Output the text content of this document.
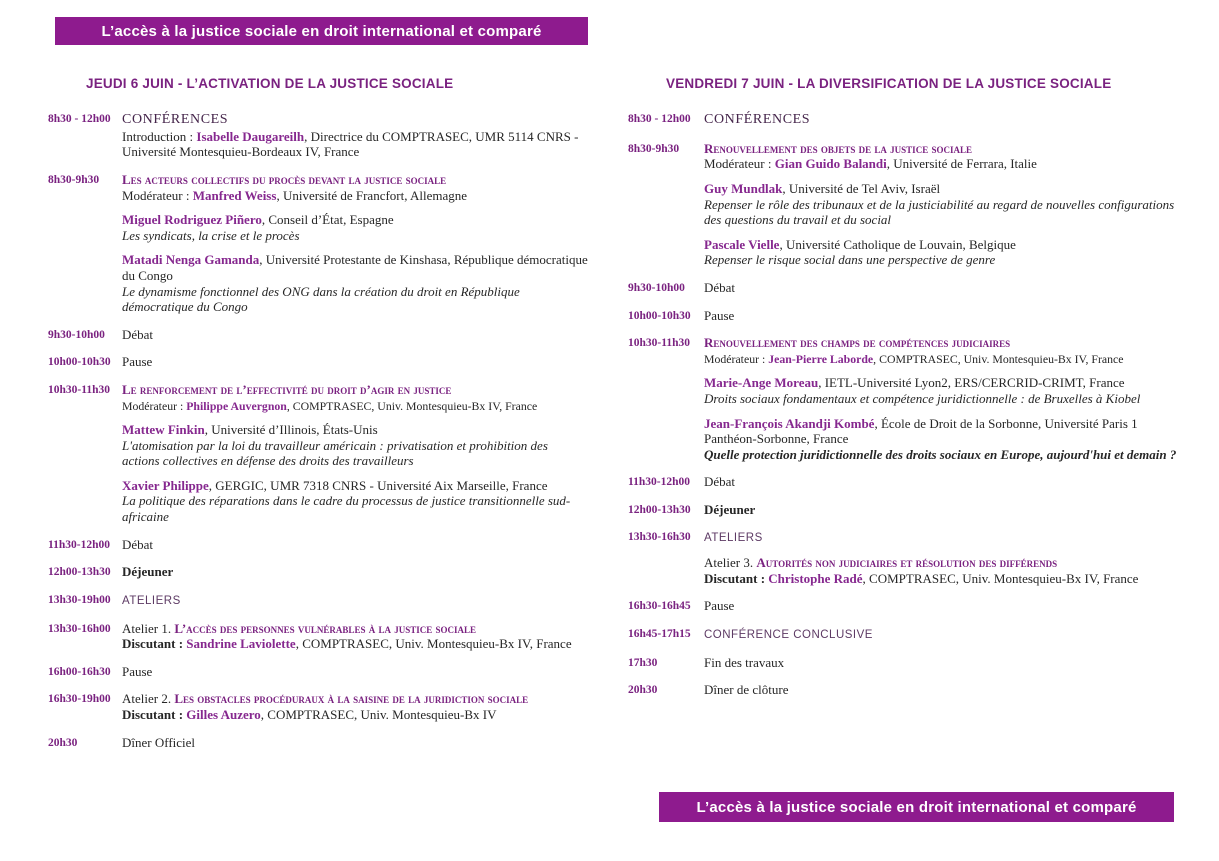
L’accès à la justice sociale en droit international et comparé
JEUDI 6 JUIN - L’ACTIVATION DE LA JUSTICE SOCIALE
8h30 - 12h00 CONFÉRENCES
Introduction : Isabelle Daugareilh, Directrice du COMPTRASEC, UMR 5114 CNRS - Université Montesquieu-Bordeaux IV, France
8h30-9h30	Les acteurs collectifs du procès devant la justice sociale
Modérateur : Manfred Weiss, Université de Francfort, Allemagne
Miguel Rodriguez Piñero, Conseil d’État, Espagne
Les syndicats, la crise et le procès
Matadi Nenga Gamanda, Université Protestante de Kinshasa, République démocratique du Congo
Le dynamisme fonctionnel des ONG dans la création du droit en République démocratique du Congo
9h30-10h00	Débat
10h00-10h30 Pause
10h30-11h30 Le renforcement de l’effectivité du droit d’agir en justice
Modérateur : Philippe Auvergnon, COMPTRASEC, Univ. Montesquieu-Bx IV, France
Mattew Finkin, Université d’Illinois, États-Unis
L'atomisation par la loi du travailleur américain : privatisation et prohibition des actions collectives en défense des droits des travailleurs
Xavier Philippe, GERGIC, UMR 7318 CNRS - Université Aix Marseille, France
La politique des réparations dans le cadre du processus de justice transitionnelle sud-africaine
11h30-12h00 Débat
12h00-13h30 Déjeuner
13h30-19h00 ATELIERS
13h30-16h00 Atelier 1. L’accès des personnes vulnérables à la justice sociale
Discutant : Sandrine Laviolette, COMPTRASEC, Univ. Montesquieu-Bx IV, France
16h00-16h30 Pause
16h30-19h00 Atelier 2. Les obstacles procéduraux à la saisine de la juridiction sociale
Discutant : Gilles Auzero, COMPTRASEC, Univ. Montesquieu-Bx IV
20h30	Dîner Officiel
VENDREDI 7 JUIN - LA DIVERSIFICATION DE LA JUSTICE SOCIALE
8h30 - 12h00 CONFÉRENCES
8h30-9h30	Renouvellement des objets de la justice sociale
Modérateur : Gian Guido Balandi, Université de Ferrara, Italie
Guy Mundlak, Université de Tel Aviv, Israël
Repenser le rôle des tribunaux et de la justiciabilité au regard de nouvelles configurations des questions du travail et du social
Pascale Vielle, Université Catholique de Louvain, Belgique
Repenser le risque social dans une perspective de genre
9h30-10h00	Débat
10h00-10h30	Pause
10h30-11h30	Renouvellement des champs de compétences judiciaires
Modérateur : Jean-Pierre Laborde, COMPTRASEC, Univ. Montesquieu-Bx IV, France
Marie-Ange Moreau, IETL-Université Lyon2, ERS/CERCRID-CRIMT, France
Droits sociaux fondamentaux et compétence juridictionnelle : de Bruxelles à Kiobel
Jean-François Akandji Kombé, École de Droit de la Sorbonne, Université Paris 1 Panthéon-Sorbonne, France
Quelle protection juridictionnelle des droits sociaux en Europe, aujourd'hui et demain ?
11h30-12h00	Débat
12h00-13h30	Déjeuner
13h30-16h30	ATELIERS
Atelier 3. Autorités non judiciaires et résolution des différends
Discutant : Christophe Radé, COMPTRASEC, Univ. Montesquieu-Bx IV, France
16h30-16h45	Pause
16h45-17h15	CONFÉRENCE CONCLUSIVE
17h30	Fin des travaux
20h30	Dîner de clôture
L’accès à la justice sociale en droit international et comparé
